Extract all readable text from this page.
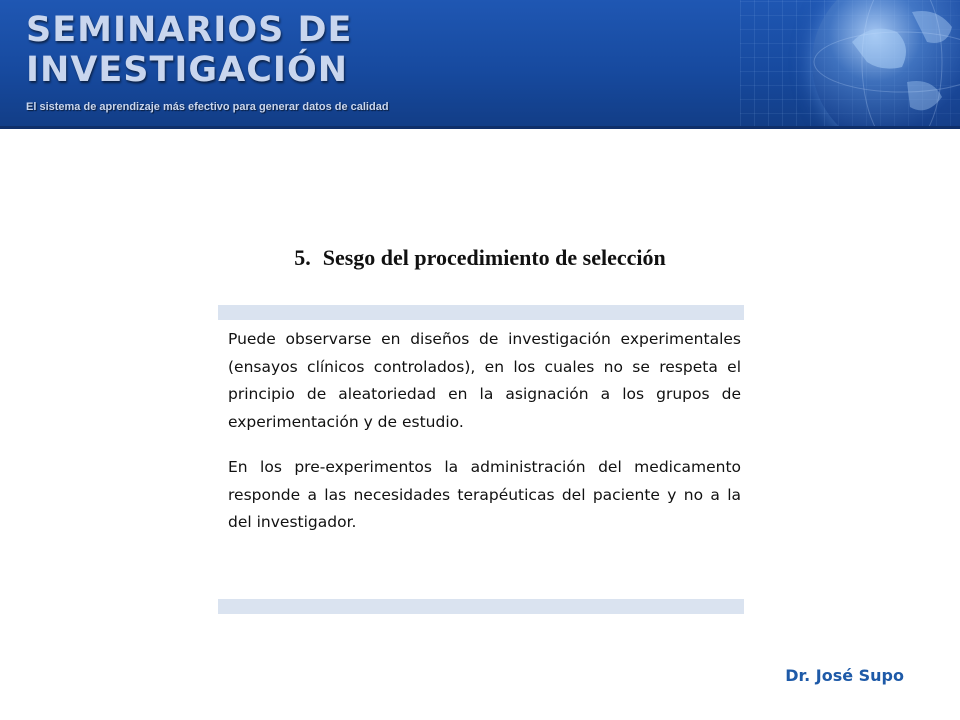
SEMINARIOS DE
INVESTIGACIÓN
El sistema de aprendizaje más efectivo para generar datos de calidad
5. Sesgo del procedimiento de selección

Puede observarse en diseños de investigación experimentales (ensayos clínicos controlados), en los cuales no se respeta el principio de aleatoriedad en la asignación a los grupos de experimentación y de estudio.

En los pre-experimentos la administración del medicamento responde a las necesidades terapéuticas del paciente y no a la del investigador.

Dr. José Supo
